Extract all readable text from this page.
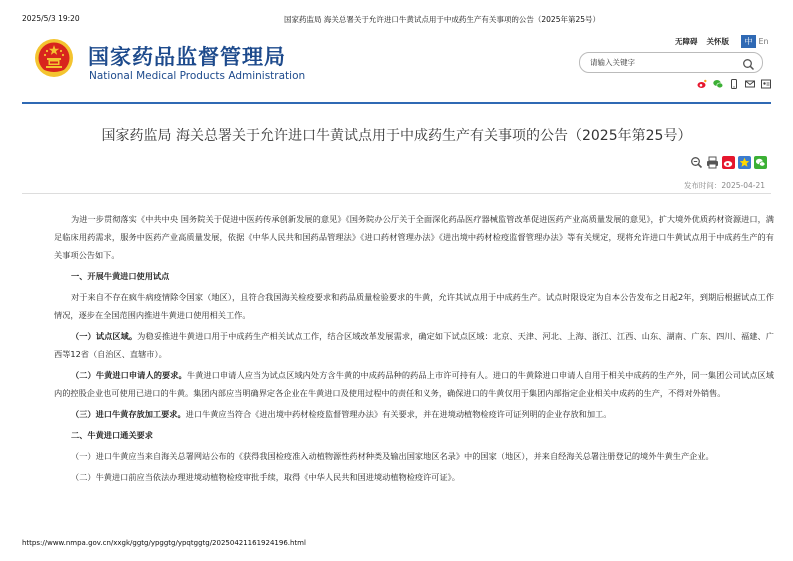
2025/5/3 19:20	国家药监局 海关总署关于允许进口牛黄试点用于中成药生产有关事项的公告（2025年第25号）
国家药品监督管理局
National Medical Products Administration
无障碍 关怀版	中 En
请输入关键字
国家药监局 海关总署关于允许进口牛黄试点用于中成药生产有关事项的公告（2025年第25号）
发布时间：2025-04-21

为进一步贯彻落实《中共中央 国务院关于促进中医药传承创新发展的意见》《国务院办公厅关于全面深化药品医疗器械监管改革促进医药产业高质量发展的意见》，扩大境外优质药材资源进口，满足临床用药需求，服务中医药产业高质量发展，依据《中华人民共和国药品管理法》《进口药材管理办法》《进出境中药材检疫监督管理办法》等有关规定，现将允许进口牛黄试点用于中成药生产的有关事项公告如下。

一、开展牛黄进口使用试点

对于来自不存在疯牛病疫情除令国家（地区），且符合我国海关检疫要求和药品质量检验要求的牛黄，允许其试点用于中成药生产。试点时限设定为自本公告发布之日起2年，到期后根据试点工作情况，逐步在全国范围内推进牛黄进口使用相关工作。

（一）试点区域。为稳妥推进牛黄进口用于中成药生产相关试点工作，结合区域改革发展需求，确定如下试点区域：北京、天津、河北、上海、浙江、江西、山东、湖南、广东、四川、福建、广西等12省（自治区、直辖市）。

（二）牛黄进口申请人的要求。牛黄进口申请人应当为试点区域内处方含牛黄的中成药品种的药品上市许可持有人。进口的牛黄除进口申请人自用于相关中成药的生产外，同一集团公司试点区域内的控股企业也可使用已进口的牛黄。集团内部应当明确界定各企业在牛黄进口及使用过程中的责任和义务，确保进口的牛黄仅用于集团内部指定企业相关中成药的生产，不得对外销售。

（三）进口牛黄存放加工要求。进口牛黄应当符合《进出境中药材检疫监督管理办法》有关要求，并在进境动植物检疫许可证列明的企业存放和加工。

二、牛黄进口通关要求

（一）进口牛黄应当来自海关总署网站公布的《获得我国检疫准入动植物源性药材种类及输出国家地区名录》中的国家（地区），并来自经海关总署注册登记的境外牛黄生产企业。

（二）牛黄进口前应当依法办理进境动植物检疫审批手续，取得《中华人民共和国进境动植物检疫许可证》。

https://www.nmpa.gov.cn/xxgk/ggtg/ypggtg/ypqtggtg/20250421161924196.html
